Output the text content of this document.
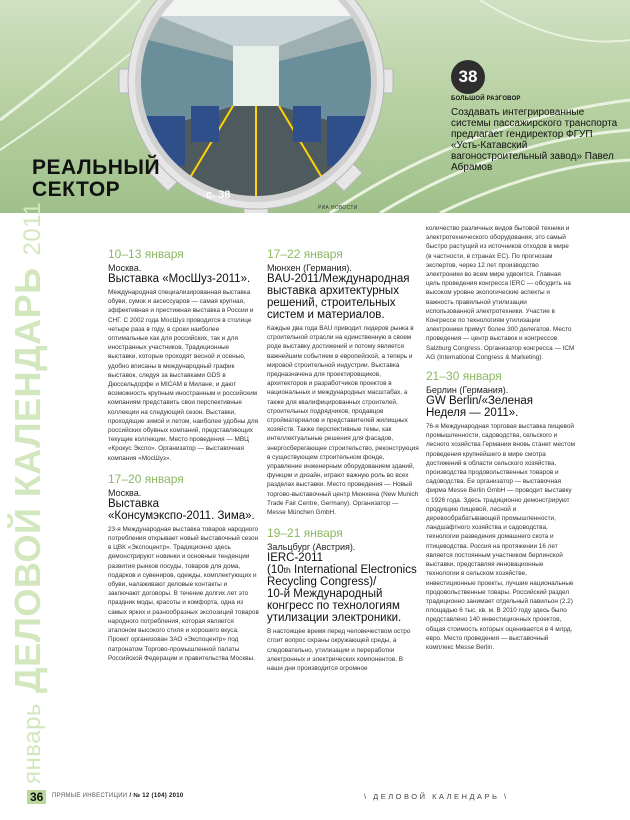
РЕАЛЬНЫЙ
СЕКТОР	с. 38
РИА НОВОСТИ
38
БОЛЬШОЙ РАЗГОВОР
Создавать интегрированные системы пассажирского транспорта предлагает гендиректор ФГУП «Усть-Катавский вагоностроительный завод» Павел Абрамов
январьДЕЛОВОЙ КАЛЕНДАРЬ2011	10–13 января
Москва.
Выставка «МосШуз-2011».
Международная специализированная выставка обуви, сумок и аксессуаров — самая крупная, эффективная и престижная выставка в России и СНГ. С 2002 года МосШуз проводится в столице четыре раза в году, в сроки наиболее оптимальные как для российских, так и для иностранных участников. Традиционные выставки, которые проходят весной и осенью, удобно вписаны в международный график выставок, следуя за выставками GDS в Дюссельдорфе и MICAM в Милане, и дают возможность крупным иностранным и российским компаниям представить свои перспективные коллекции на следующий сезон. Выставки, проходящие зимой и летом, наиболее удобны для российских обувных компаний, представляющих текущие коллекции. Место проведения — МВЦ «Крокус Экспо». Организатор — выставочная компания «МосШуз».
17–20 января
Москва.
Выставка «Консумэкспо-2011. Зима».
23-я Международная выставка товаров народного потребления открывает новый выставочный сезон в ЦВК «Экспоцентр». Традиционно здесь демонстрируют новинки и основные тенденции развития рынков посуды, товаров для дома, подарков и сувениров, одежды, комплектующих и обуви, налаживают деловые контакты и заключают договоры. В течение долгих лет это праздник моды, красоты и комфорта, одна из самых ярких и разнообразных экспозиций товаров народного потребления, которая является эталоном высокого стиля и хорошего вкуса. Проект организован ЗАО «Экспоцентр» под патронатом Торгово-промышленной палаты Российской Федерации и правительства Москвы.
17–22 января
Мюнхен (Германия).
BAU-2011/Международная выставка архитектурных решений, строительных систем и материалов.
Каждые два года BAU приводит лидеров рынка в строительной отрасли на единственную в своем роде выставку достижений и потому является важнейшим событием в европейской, а теперь и мировой строительной индустрии. Выставка предназначена для проектировщиков, архитекторов и разработчиков проектов в национальных и международных масштабах, а также для квалифицированных строителей, строительных подрядчиков, продавцов стройматериалов и представителей жилищных хозяйств. Также перспективные темы, как интеллектуальные решения для фасадов, энергосберегающее строительство, реконструкция в существующем строительном фонде, управление инженерным оборудованием зданий, функции и дизайн, играют важную роль во всех разделах выставки. Место проведения — Новый торгово-выставочный центр Мюнхена (New Munich Trade Fair Centre, Germany). Организатор — Messe München GmbH.
19–21 января
Зальцбург (Австрия).
IERC-2011
(10th International Electronics Recycling Congress)/
10-й Международный конгресс по технологиям утилизации электроники.
В настоящее время перед человечеством остро стоит вопрос охраны окружающей среды, а следовательно, утилизации и переработки электронных и электрических компонентов. В наши дни производится огромное
количество различных видов бытовой техники и электротехнического оборудования, это самый быстро растущий из источников отходов в мире (в частности, в странах ЕС). По прогнозам экспертов, через 12 лет производство электроники во всем мире удвоится. Главная цель проведения конгресса IERC — обсудить на высоком уровне экологические аспекты и важность правильной утилизации использованной электротехники. Участие в Конгрессе по технологиям утилизации электроники примут более 300 делегатов. Место проведения — центр выставок и конгрессов Salzburg Congress. Организатор конгресса — ICM AG (International Congress & Marketing).
21–30 января
Берлин (Германия).
GW Berlin/«Зеленая Неделя — 2011».
76-я Международная торговая выставка пищевой промышленности, садоводства, сельского и лесного хозяйства Германии вновь станет местом проведения крупнейшего в мире смотра достижений в области сельского хозяйства, производства продовольственных товаров и садоводства. Ее организатор — выставочная фирма Messe Berlin GmbH — проводит выставку с 1926 года. Здесь традиционно демонстрируют продукцию пищевой, лесной и деревообрабатывающей промышленности, ландшафтного хозяйства и садоводства, технологии разведения домашнего скота и птицеводства. Россия на протяжении 16 лет является постоянным участником берлинской выставки, представляя инновационные технологии в сельском хозяйстве, инвестиционные проекты, лучшие национальные продовольственные товары. Российский раздел традиционно занимает отдельный павильон (2.2) площадью 6 тыс. кв. м. В 2010 году здесь было представлено 140 инвестиционных проектов, общая стоимость которых оценивается в 4 млрд. евро. Место проведения — выставочный комплекс Messe Berlin.
36	ПРЯМЫЕ ИНВЕСТИЦИИ / № 12 (104) 2010	\ ДЕЛОВОЙ КАЛЕНДАРЬ \
